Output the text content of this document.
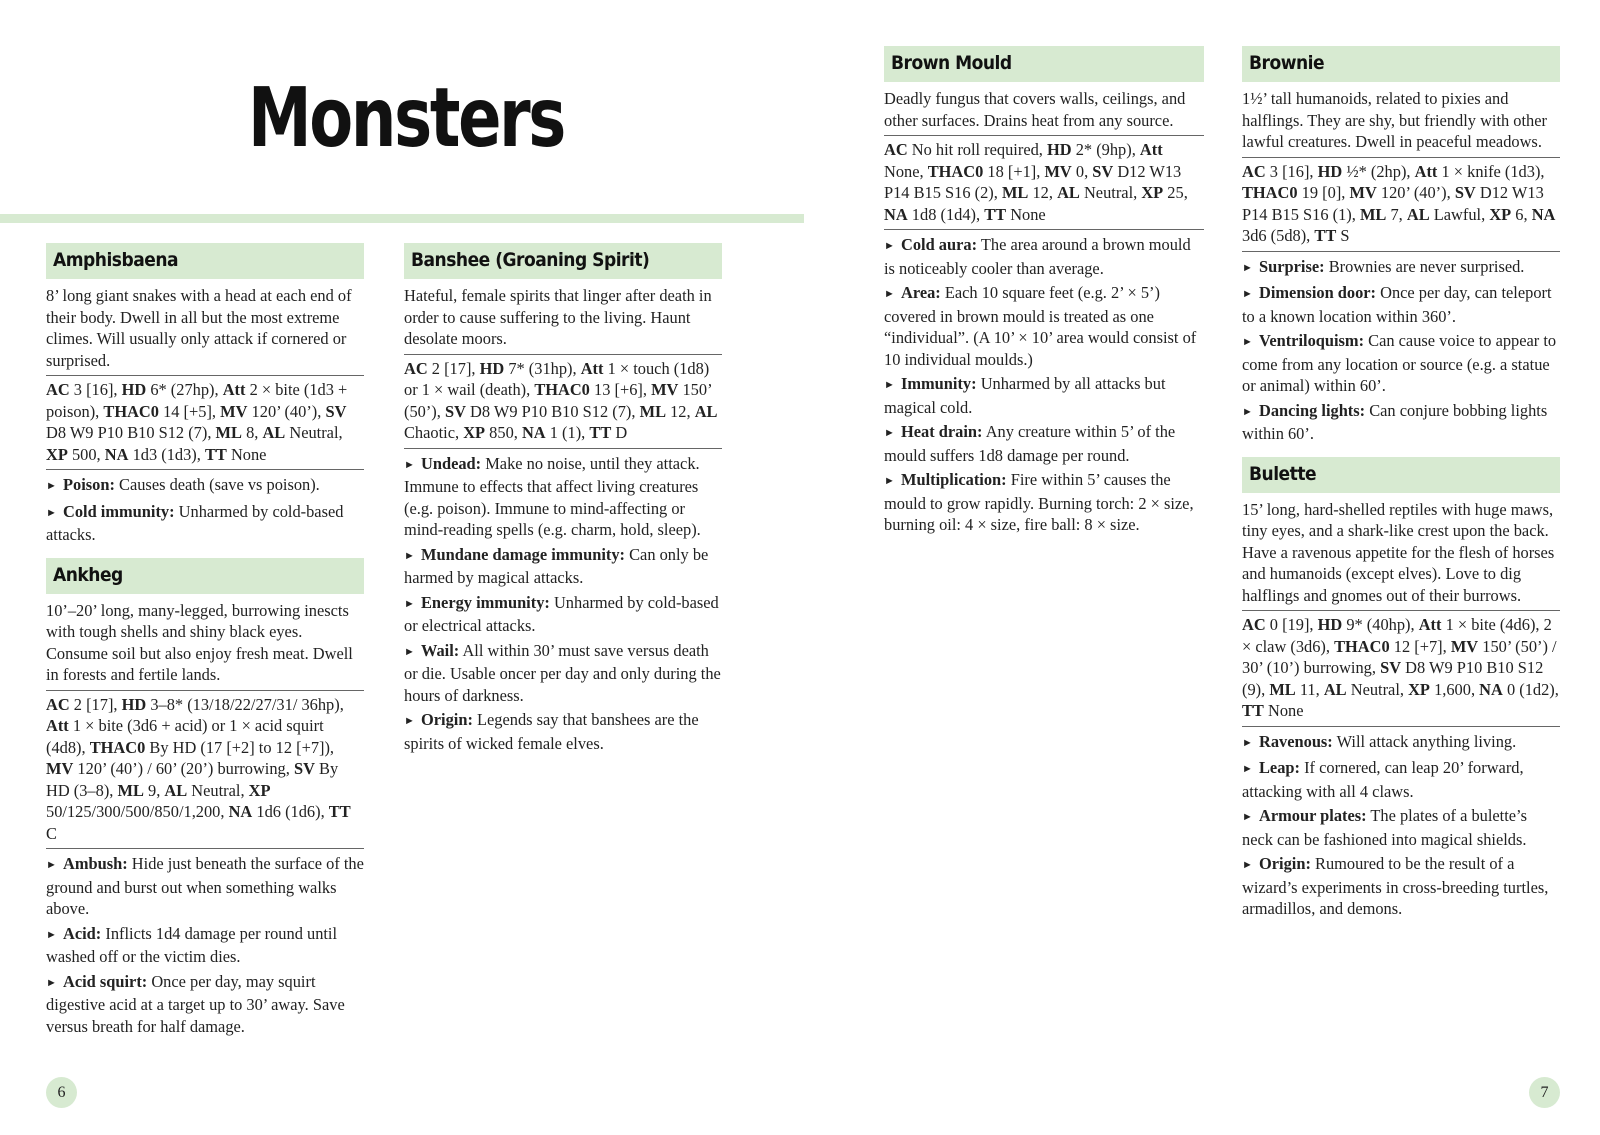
Monsters
Amphisbaena
8’ long giant snakes with a head at each end of their body. Dwell in all but the most extreme climes. Will usually only attack if cornered or surprised.
AC 3 [16], HD 6* (27hp), Att 2 × bite (1d3 + poison), THAC0 14 [+5], MV 120’ (40’), SV D8 W9 P10 B10 S12 (7), ML 8, AL Neutral, XP 500, NA 1d3 (1d3), TT None
► Poison: Causes death (save vs poison).
► Cold immunity: Unharmed by cold-based attacks.
Ankheg
10’–20’ long, many-legged, burrowing inescts with tough shells and shiny black eyes. Consume soil but also enjoy fresh meat. Dwell in forests and fertile lands.
AC 2 [17], HD 3–8* (13/18/22/27/31/ 36hp), Att 1 × bite (3d6 + acid) or 1 × acid squirt (4d8), THAC0 By HD (17 [+2] to 12 [+7]), MV 120’ (40’) / 60’ (20’) burrowing, SV By HD (3–8), ML 9, AL Neutral, XP 50/125/300/500/850/1,200, NA 1d6 (1d6), TT C
► Ambush: Hide just beneath the surface of the ground and burst out when something walks above.
► Acid: Inflicts 1d4 damage per round until washed off or the victim dies.
► Acid squirt: Once per day, may squirt digestive acid at a target up to 30’ away. Save versus breath for half damage.
Banshee (Groaning Spirit)
Hateful, female spirits that linger after death in order to cause suffering to the living. Haunt desolate moors.
AC 2 [17], HD 7* (31hp), Att 1 × touch (1d8) or 1 × wail (death), THAC0 13 [+6], MV 150’ (50’), SV D8 W9 P10 B10 S12 (7), ML 12, AL Chaotic, XP 850, NA 1 (1), TT D
► Undead: Make no noise, until they attack. Immune to effects that affect living creatures (e.g. poison). Immune to mind-affecting or mind-reading spells (e.g. charm, hold, sleep).
► Mundane damage immunity: Can only be harmed by magical attacks.
► Energy immunity: Unharmed by cold-based or electrical attacks.
► Wail: All within 30’ must save versus death or die. Usable oncer per day and only during the hours of darkness.
► Origin: Legends say that banshees are the spirits of wicked female elves.
Brown Mould
Deadly fungus that covers walls, ceilings, and other surfaces. Drains heat from any source.
AC No hit roll required, HD 2* (9hp), Att None, THAC0 18 [+1], MV 0, SV D12 W13 P14 B15 S16 (2), ML 12, AL Neutral, XP 25, NA 1d8 (1d4), TT None
► Cold aura: The area around a brown mould is noticeably cooler than average.
► Area: Each 10 square feet (e.g. 2’ × 5’) covered in brown mould is treated as one “individual”. (A 10’ × 10’ area would consist of 10 individual moulds.)
► Immunity: Unharmed by all attacks but magical cold.
► Heat drain: Any creature within 5’ of the mould suffers 1d8 damage per round.
► Multiplication: Fire within 5’ causes the mould to grow rapidly. Burning torch: 2 × size, burning oil: 4 × size, fire ball: 8 × size.
Brownie
1½’ tall humanoids, related to pixies and halflings. They are shy, but friendly with other lawful creatures. Dwell in peaceful meadows.
AC 3 [16], HD ½* (2hp), Att 1 × knife (1d3), THAC0 19 [0], MV 120’ (40’), SV D12 W13 P14 B15 S16 (1), ML 7, AL Lawful, XP 6, NA 3d6 (5d8), TT S
► Surprise: Brownies are never surprised.
► Dimension door: Once per day, can teleport to a known location within 360’.
► Ventriloquism: Can cause voice to appear to come from any location or source (e.g. a statue or animal) within 60’.
► Dancing lights: Can conjure bobbing lights within 60’.
Bulette
15’ long, hard-shelled reptiles with huge maws, tiny eyes, and a shark-like crest upon the back. Have a ravenous appetite for the flesh of horses and humanoids (except elves). Love to dig halflings and gnomes out of their burrows.
AC 0 [19], HD 9* (40hp), Att 1 × bite (4d6), 2 × claw (3d6), THAC0 12 [+7], MV 150’ (50’) / 30’ (10’) burrowing, SV D8 W9 P10 B10 S12 (9), ML 11, AL Neutral, XP 1,600, NA 0 (1d2), TT None
► Ravenous: Will attack anything living.
► Leap: If cornered, can leap 20’ forward, attacking with all 4 claws.
► Armour plates: The plates of a bulette’s neck can be fashioned into magical shields.
► Origin: Rumoured to be the result of a wizard’s experiments in cross-breeding turtles, armadillos, and demons.
6	7
